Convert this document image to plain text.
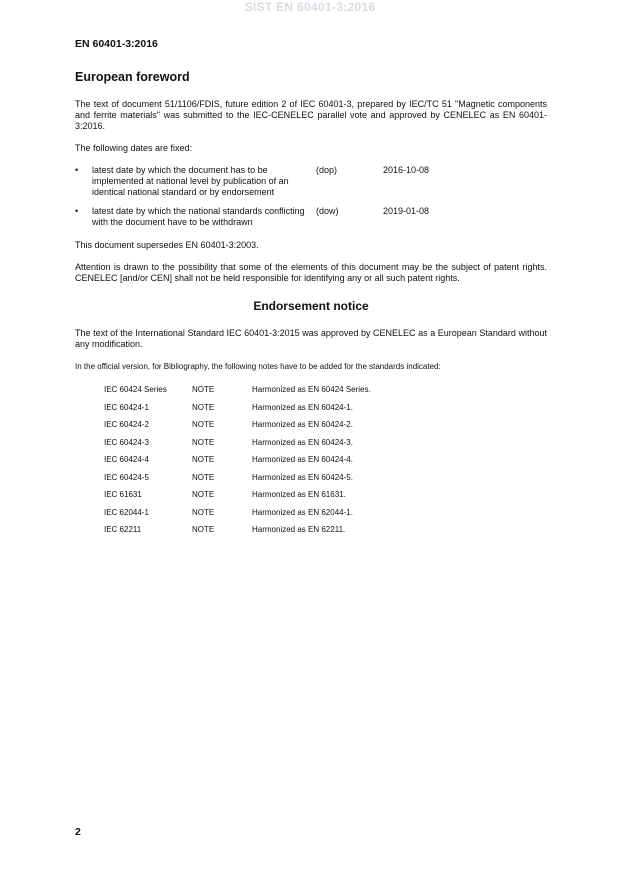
SIST EN 60401-3:2016
EN 60401-3:2016
European foreword

The text of document 51/1106/FDIS, future edition 2 of IEC 60401-3, prepared by IEC/TC 51 "Magnetic components and ferrite materials" was submitted to the IEC-CENELEC parallel vote and approved by CENELEC as EN 60401-3:2016.

The following dates are fixed:

•	latest date by which the document has to be implemented at national level by publication of an identical national standard or by endorsement
(dop)	2016-10-08
•	latest date by which the national standards conflicting with the document have to be withdrawn
(dow)	2019-01-08

This document supersedes EN 60401-3:2003.

Attention is drawn to the possibility that some of the elements of this document may be the subject of patent rights. CENELEC [and/or CEN] shall not be held responsible for identifying any or all such patent rights.

Endorsement notice

The text of the International Standard IEC 60401-3:2015 was approved by CENELEC as a European Standard without any modification.

In the official version, for Bibliography, the following notes have to be added for the standards indicated:

IEC 60424 Series	NOTE	Harmonized as EN 60424 Series.
IEC 60424-1	NOTE	Harmonized as EN 60424-1.
IEC 60424-2	NOTE	Harmonized as EN 60424-2.
IEC 60424-3	NOTE	Harmonized as EN 60424-3.
IEC 60424-4	NOTE	Harmonized as EN 60424-4.
IEC 60424-5	NOTE	Harmonized as EN 60424-5.
IEC 61631	NOTE	Harmonized as EN 61631.
IEC 62044-1	NOTE	Harmonized as EN 62044-1.
IEC 62211	NOTE	Harmonized as EN 62211.
2
